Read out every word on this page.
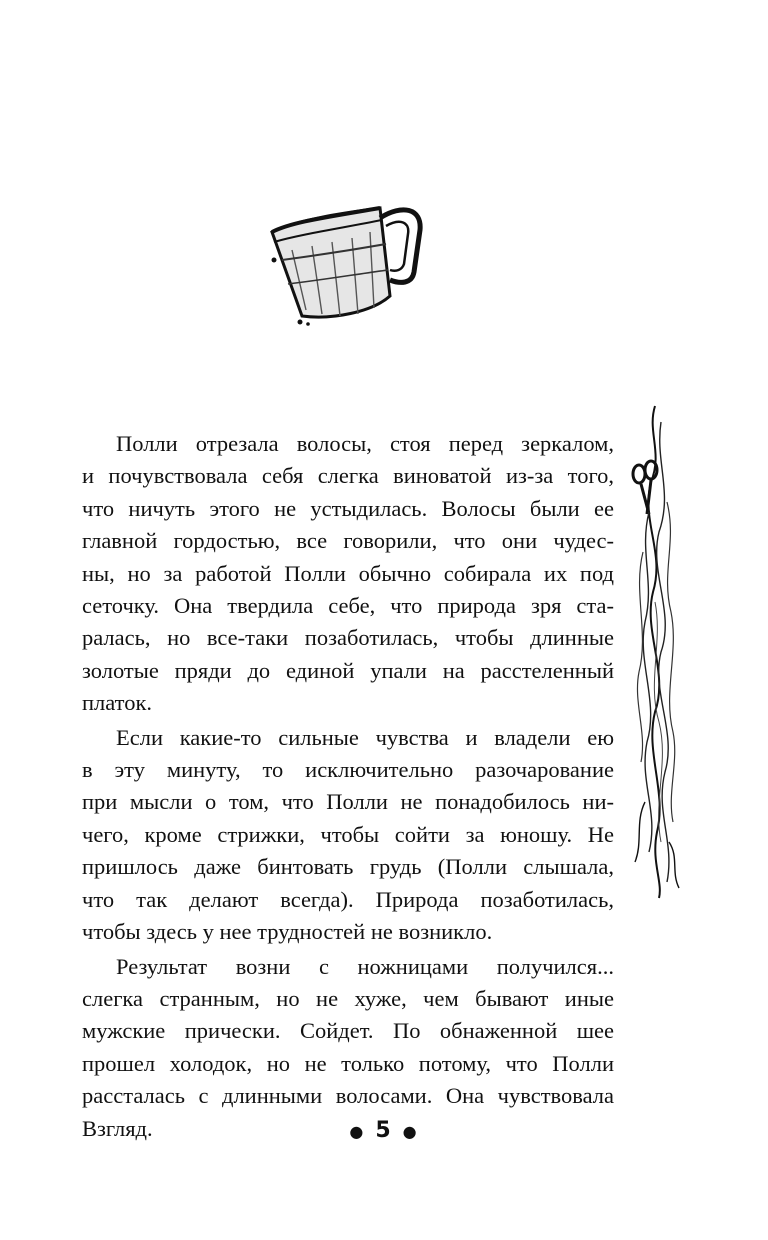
Полли отрезала волосы, стоя перед зеркалом,
и почувствовала себя слегка виноватой из-за того,
что ничуть этого не устыдилась. Волосы были ее
главной гордостью, все говорили, что они чудес-
ны, но за работой Полли обычно собирала их под
сеточку. Она твердила себе, что природа зря ста-
ралась, но все-таки позаботилась, чтобы длинные
золотые пряди до единой упали на расстеленный
платок.

Если какие-то сильные чувства и владели ею
в эту минуту, то исключительно разочарование
при мысли о том, что Полли не понадобилось ни-
чего, кроме стрижки, чтобы сойти за юношу. Не
пришлось даже бинтовать грудь (Полли слышала,
что так делают всегда). Природа позаботилась,
чтобы здесь у нее трудностей не возникло.

Результат возни с ножницами получился...
слегка странным, но не хуже, чем бывают иные
мужские прически. Сойдет. По обнаженной шее
прошел холодок, но не только потому, что Полли
рассталась с длинными волосами. Она чувствовала
Взгляд.	● 5 ●
